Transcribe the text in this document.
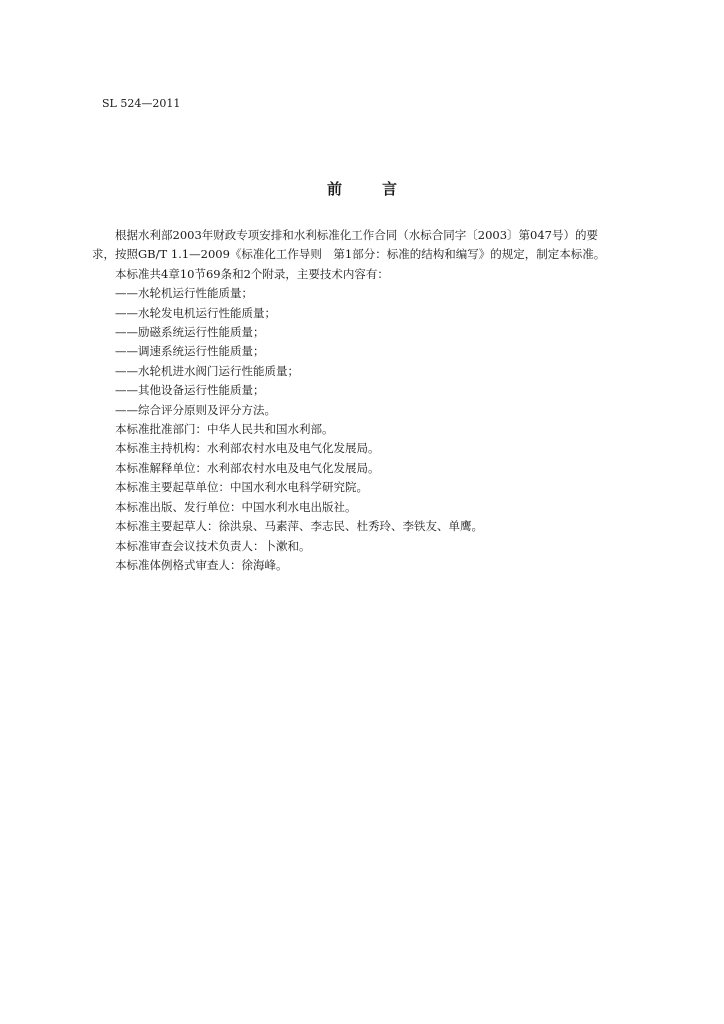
SL 524—2011
前	言

根据水利部2003年财政专项安排和水利标准化工作合同（水标合同字〔2003〕第047号）的要

求，按照GB/T 1.1—2009《标准化工作导则　第1部分：标准的结构和编写》的规定，制定本标准。

本标准共4章10节69条和2个附录，主要技术内容有：

——水轮机运行性能质量；

——水轮发电机运行性能质量；

——励磁系统运行性能质量；

——调速系统运行性能质量；

——水轮机进水阀门运行性能质量；

——其他设备运行性能质量；

——综合评分原则及评分方法。

本标准批准部门：中华人民共和国水利部。

本标准主持机构：水利部农村水电及电气化发展局。

本标准解释单位：水利部农村水电及电气化发展局。

本标准主要起草单位：中国水利水电科学研究院。

本标准出版、发行单位：中国水利水电出版社。

本标准主要起草人：徐洪泉、马素萍、李志民、杜秀玲、李铁友、单鹰。

本标准审查会议技术负责人：卜漱和。

本标准体例格式审查人：徐海峰。
